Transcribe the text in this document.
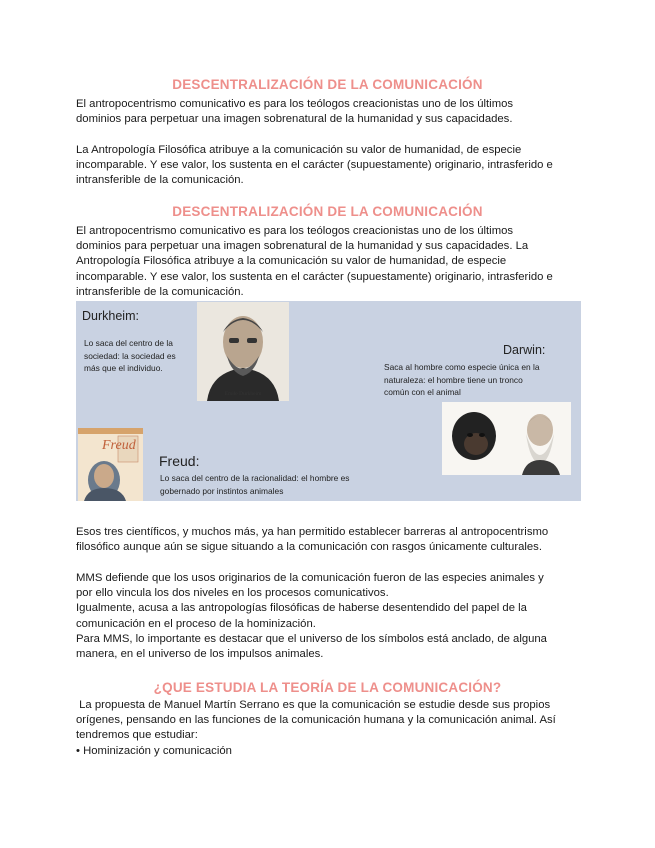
DESCENTRALIZACIÓN DE LA COMUNICACIÓN
El antropocentrismo comunicativo es para los teólogos creacionistas uno de los últimos
dominios para perpetuar una imagen sobrenatural de la humanidad y sus capacidades.
La Antropología Filosófica atribuye a la comunicación su valor de humanidad, de especie
incomparable. Y ese valor, los sustenta en el carácter (supuestamente) originario, intrasferido e
intransferible de la comunicación.
DESCENTRALIZACIÓN DE LA COMUNICACIÓN
El antropocentrismo comunicativo es para los teólogos creacionistas uno de los últimos
dominios para perpetuar una imagen sobrenatural de la humanidad y sus capacidades. La
Antropología Filosófica atribuye a la comunicación su valor de humanidad, de especie
incomparable. Y ese valor, los sustenta en el carácter (supuestamente) originario, intrasferido e
intransferible de la comunicación.
Durkheim:
Lo saca del centro de la
sociedad: la sociedad es
más que el individuo.
Emile Durkheim
Darwin:
Saca al hombre como especie única en la
naturaleza: el hombre tiene un tronco
común con el animal
Freud
Freud:
Lo saca del centro de la racionalidad: el hombre es
gobernado por instintos animales
Esos tres científicos, y muchos más, ya han permitido establecer barreras al antropocentrismo
filosófico aunque aún se sigue situando a la comunicación con rasgos únicamente culturales.
MMS defiende que los usos originarios de la comunicación fueron de las especies animales y
por ello vincula los dos niveles en los procesos comunicativos.
Igualmente, acusa a las antropologías filosóficas de haberse desentendido del papel de la
comunicación en el proceso de la hominización.
Para MMS, lo importante es destacar que el universo de los símbolos está anclado, de alguna
manera, en el universo de los impulsos animales.
¿QUE ESTUDIA LA TEORÍA DE LA COMUNICACIÓN?
La propuesta de Manuel Martín Serrano es que la comunicación se estudie desde sus propios
orígenes, pensando en las funciones de la comunicación humana y la comunicación animal. Así
tendremos que estudiar:
• Hominización y comunicación
